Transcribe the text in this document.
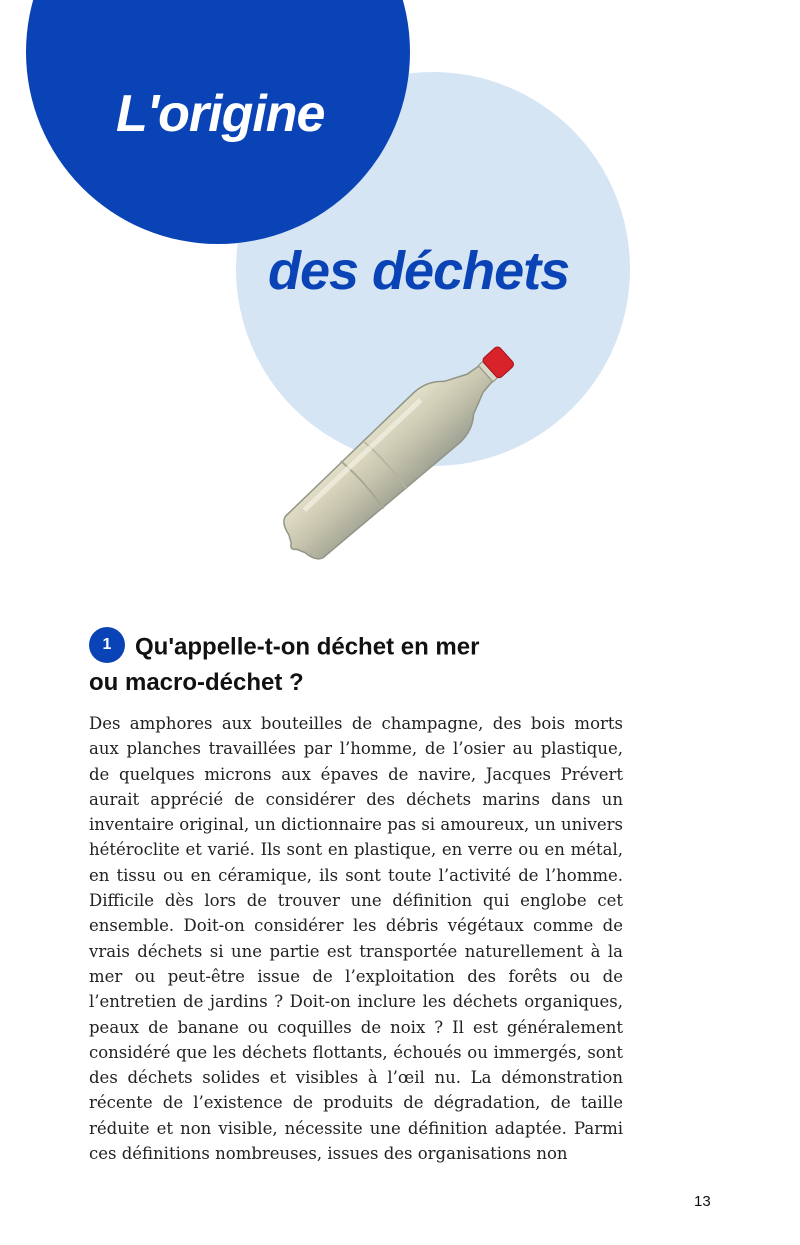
L'origine
des déchets
1 Qu'appelle-t-on déchet en mer
ou macro-déchet ?

Des amphores aux bouteilles de champagne, des bois morts aux planches travaillées par l’homme, de l’osier au plastique, de quelques microns aux épaves de navire, Jacques Prévert aurait apprécié de considérer des déchets marins dans un inventaire original, un dictionnaire pas si amoureux, un univers hétéroclite et varié. Ils sont en plastique, en verre ou en métal, en tissu ou en céramique, ils sont toute l’activité de l’homme. Difficile dès lors de trouver une définition qui englobe cet ensemble. Doit-on considérer les débris végétaux comme de vrais déchets si une partie est transportée naturellement à la mer ou peut-être issue de l’exploitation des forêts ou de l’entretien de jardins ? Doit-on inclure les déchets organiques, peaux de banane ou coquilles de noix ? Il est généralement considéré que les déchets flottants, échoués ou immergés, sont des déchets solides et visibles à l’œil nu. La démonstration récente de l’existence de produits de dégradation, de taille réduite et non visible, nécessite une définition adaptée. Parmi ces définitions nombreuses, issues des organisations non

13
